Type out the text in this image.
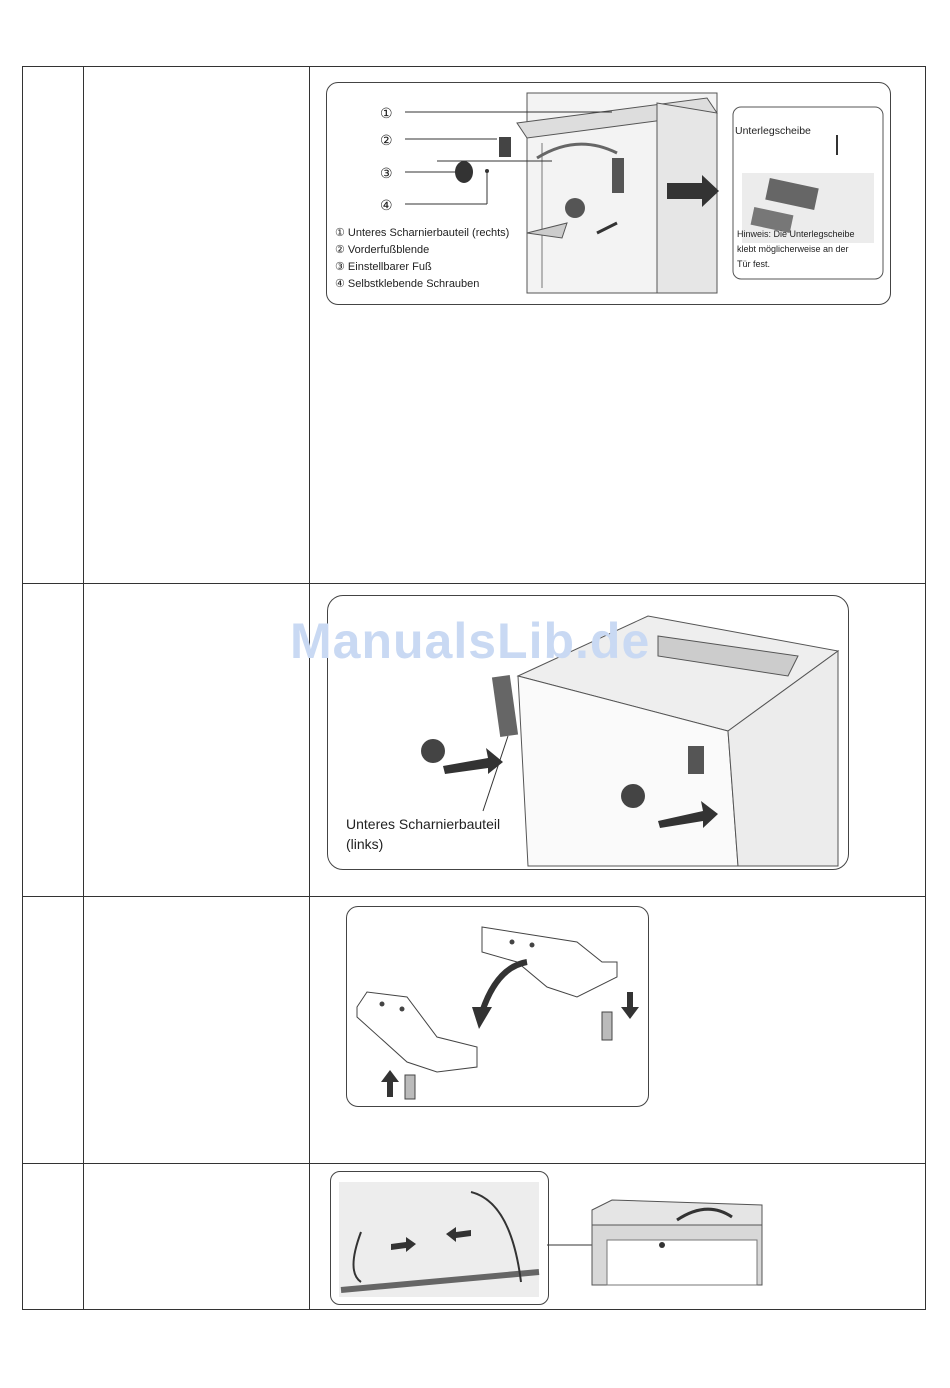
①
②
③
④
① Unteres Scharnierbauteil (rechts)
② Vorderfußblende
③ Einstellbarer Fuß
④ Selbstklebende Schrauben
Unterlegscheibe
Hinweis: Die Unterlegscheibe
klebt möglicherweise an der
Tür fest.
Unteres Scharnierbauteil
(links)
ManualsLib.de
